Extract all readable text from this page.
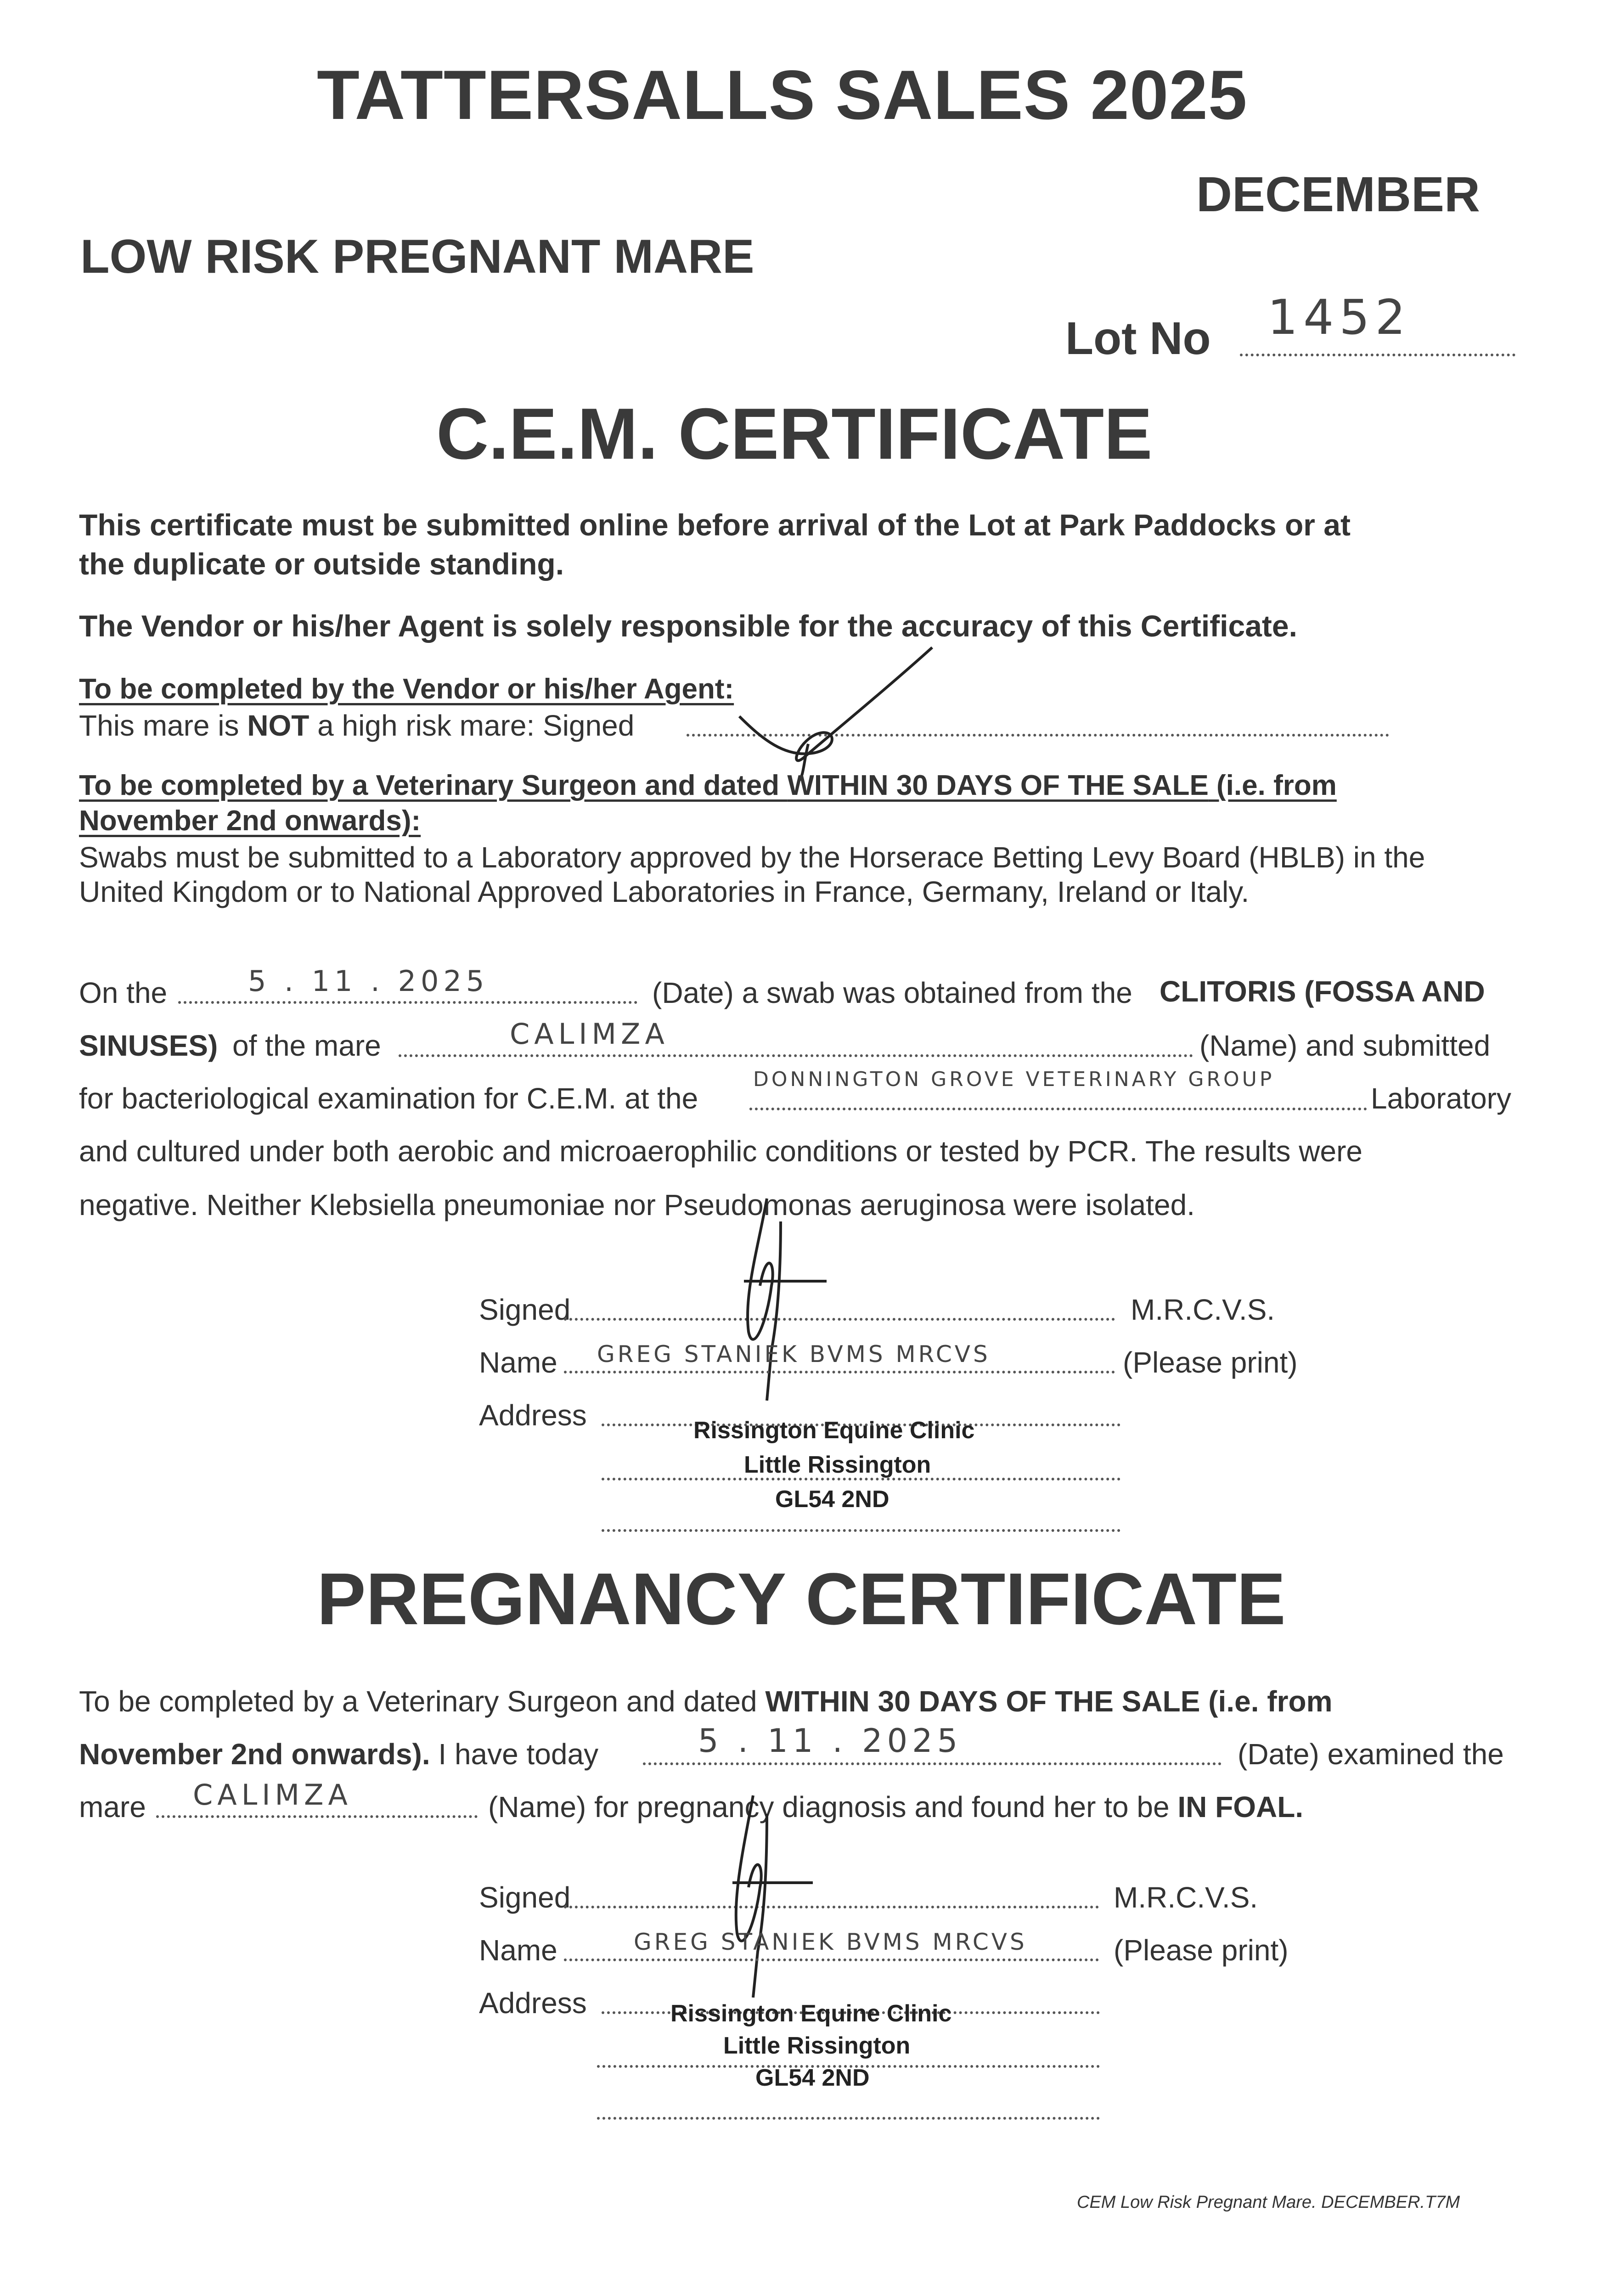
TATTERSALLS SALES 2025
DECEMBER
LOW RISK PREGNANT MARE
Lot No 1452
C.E.M. CERTIFICATE
This certificate must be submitted online before arrival of the Lot at Park Paddocks or at
the duplicate or outside standing.
The Vendor or his/her Agent is solely responsible for the accuracy of this Certificate.
To be completed by the Vendor or his/her Agent:
This mare is NOT a high risk mare: Signed
To be completed by a Veterinary Surgeon and dated WITHIN 30 DAYS OF THE SALE (i.e. from
November 2nd onwards):
Swabs must be submitted to a Laboratory approved by the Horserace Betting Levy Board (HBLB) in the
United Kingdom or to National Approved Laboratories in France, Germany, Ireland or Italy.
On the	5 . 11 . 2025	(Date) a swab was obtained from the CLITORIS (FOSSA AND
SINUSES) of the mare	CALIMZA	(Name) and submitted
for bacteriological examination for C.E.M. at the
DONNINGTON GROVE VETERINARY GROUP
Laboratory
and cultured under both aerobic and microaerophilic conditions or tested by PCR. The results were
negative. Neither Klebsiella pneumoniae nor Pseudomonas aeruginosa were isolated.
Signed	M.R.C.V.S.
Name GREG STANIEK BVMS MRCVS	(Please print)
Address	Rissington Equine Clinic
Little Rissington
GL54 2ND
PREGNANCY CERTIFICATE
To be completed by a Veterinary Surgeon and dated WITHIN 30 DAYS OF THE SALE (i.e. from
November 2nd onwards). I have today	5 . 11 . 2025	(Date) examined the
mare CALIMZA	(Name) for pregnancy diagnosis and found her to be IN FOAL.
Signed	M.R.C.V.S.
Name	GREG STANIEK BVMS MRCVS	(Please print)
Address	Rissington Equine Clinic
Little Rissington
GL54 2ND
CEM Low Risk Pregnant Mare. DECEMBER.T7M
